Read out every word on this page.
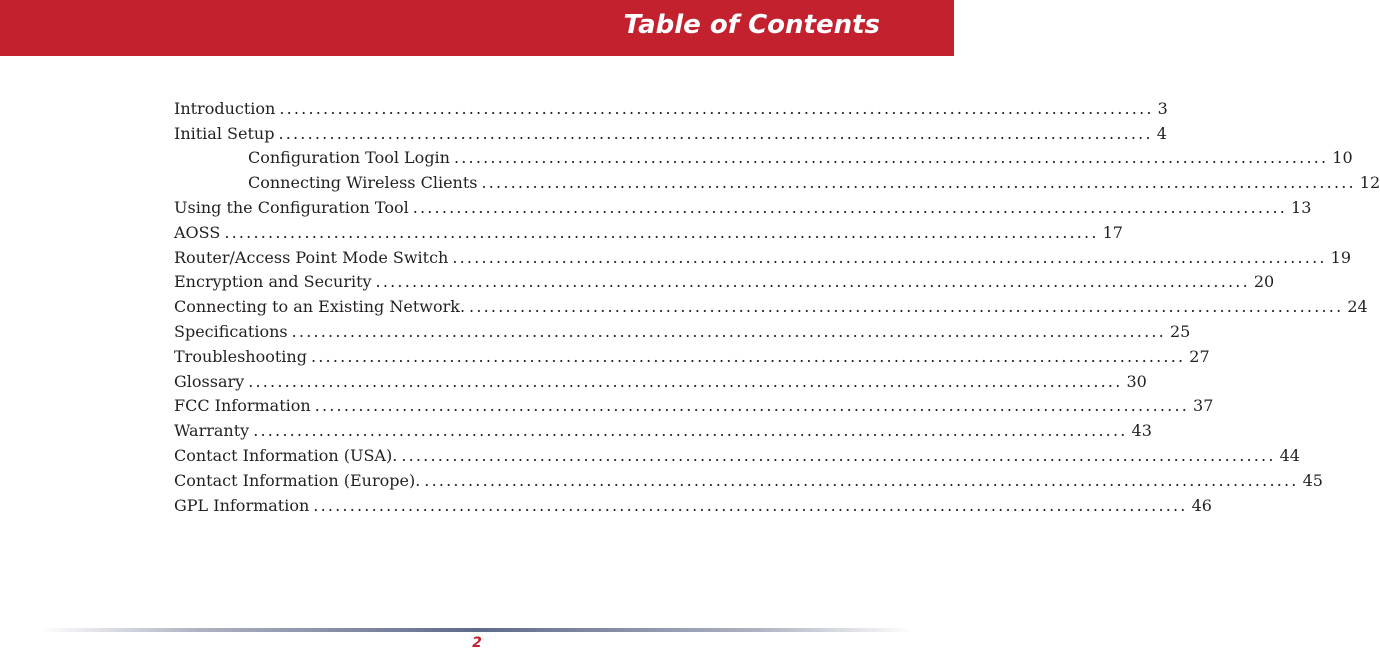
Table of Contents
Introduction ........................................................................................................................ 3
Initial Setup ........................................................................................................................ 4
Configuration Tool Login ........................................................................................................................ 10
Connecting Wireless Clients ........................................................................................................................ 12
Using the Configuration Tool ........................................................................................................................ 13
AOSS ........................................................................................................................ 17
Router/Access Point Mode Switch ........................................................................................................................ 19
Encryption and Security ........................................................................................................................ 20
Connecting to an Existing Network. ........................................................................................................................ 24
Specifications ........................................................................................................................ 25
Troubleshooting ........................................................................................................................ 27
Glossary ........................................................................................................................ 30
FCC Information ........................................................................................................................ 37
Warranty ........................................................................................................................ 43
Contact Information (USA). ........................................................................................................................ 44
Contact Information (Europe). ........................................................................................................................ 45
GPL Information ........................................................................................................................ 46
2
